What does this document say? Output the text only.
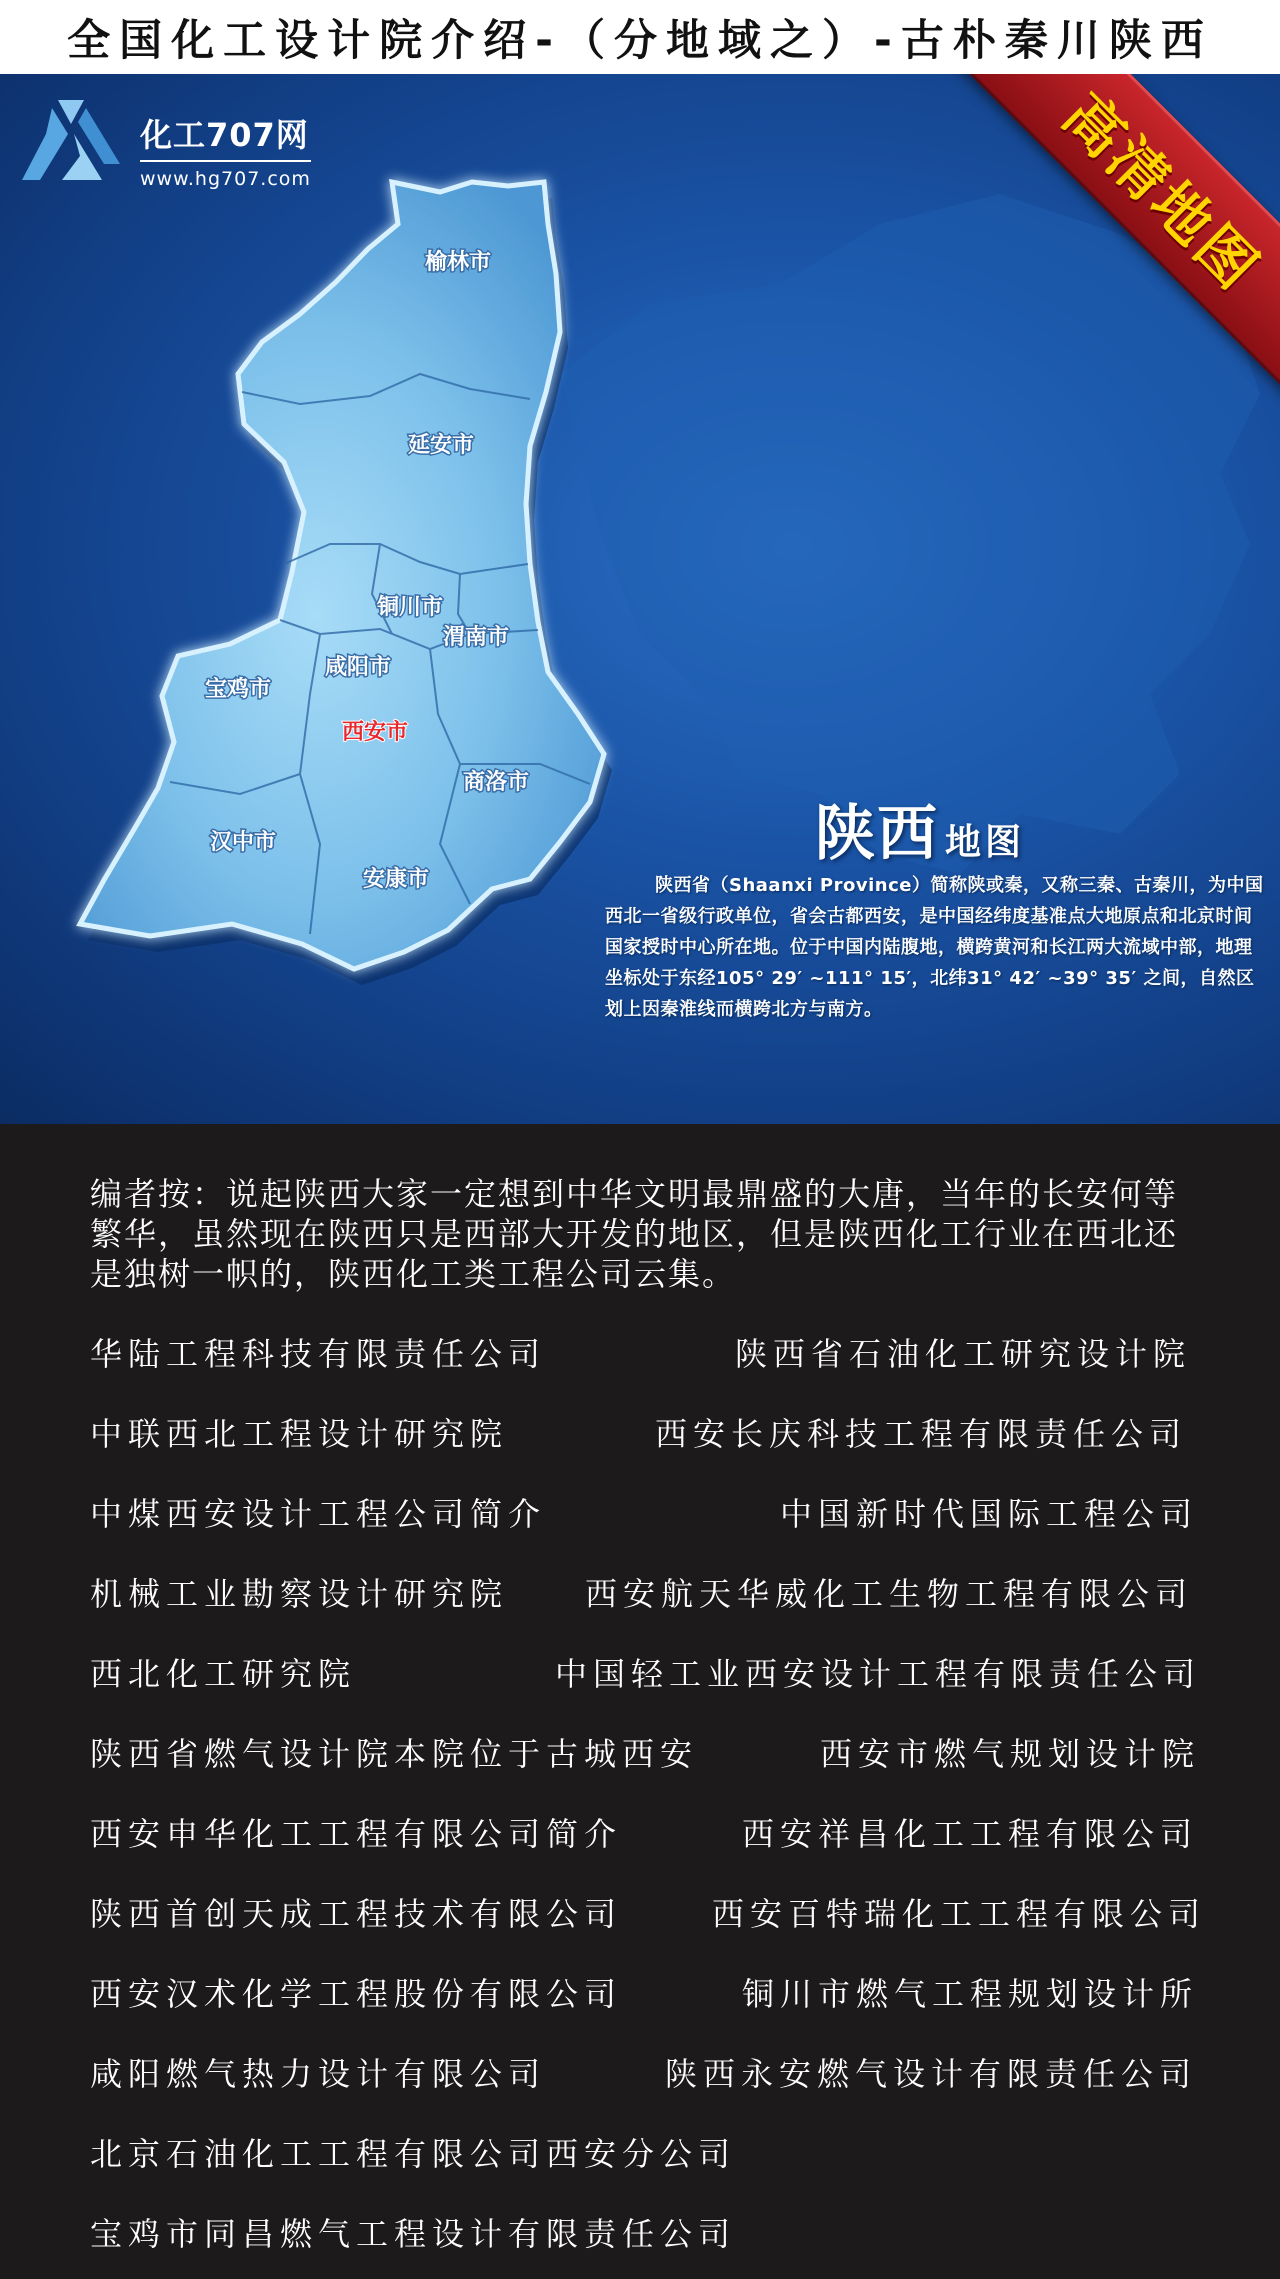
全国化工设计院介绍-（分地域之）-古朴秦川陕西
榆林市
延安市
铜川市
渭南市
咸阳市
宝鸡市
西安市
商洛市
汉中市
安康市
化工707网
www.hg707.com	高清地图
陕西 地图
陕西省（Shaanxi Province）简称陕或秦，又称三秦、古秦川，为中国西北一省级行政单位，省会古都西安，是中国经纬度基准点大地原点和北京时间国家授时中心所在地。位于中国内陆腹地，横跨黄河和长江两大流域中部，地理坐标处于东经105° 29′ ~111° 15′，北纬31° 42′ ~39° 35′ 之间，自然区划上因秦淮线而横跨北方与南方。
编者按：说起陕西大家一定想到中华文明最鼎盛的大唐，当年的长安何等繁华，虽然现在陕西只是西部大开发的地区，但是陕西化工行业在西北还是独树一帜的，陕西化工类工程公司云集。
华陆工程科技有限责任公司	陕西省石油化工研究设计院
中联西北工程设计研究院	西安长庆科技工程有限责任公司
中煤西安设计工程公司简介	中国新时代国际工程公司
机械工业勘察设计研究院 西安航天华威化工生物工程有限公司
西北化工研究院	中国轻工业西安设计工程有限责任公司
陕西省燃气设计院本院位于古城西安	西安市燃气规划设计院
西安申华化工工程有限公司简介	西安祥昌化工工程有限公司
陕西首创天成工程技术有限公司	西安百特瑞化工工程有限公司
西安汉术化学工程股份有限公司	铜川市燃气工程规划设计所
咸阳燃气热力设计有限公司	陕西永安燃气设计有限责任公司
北京石油化工工程有限公司西安分公司
宝鸡市同昌燃气工程设计有限责任公司
